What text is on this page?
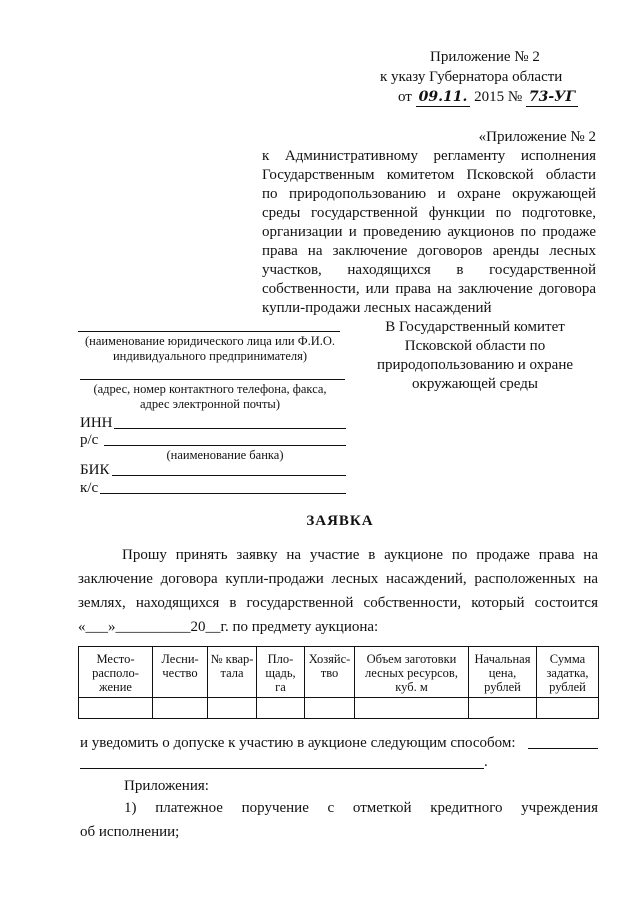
Приложение № 2
к указу Губернатора области
от 09.11. 2015 № 73-УГ
«Приложение № 2
к Административному регламенту исполнения
Государственным комитетом Псковской области
по природопользованию и охране окружающей
среды государственной функции по подготовке,
организации и проведению аукционов по продаже
права на заключение договоров аренды лесных
участков, находящихся в государственной
собственности, или права на заключение договора
купли-продажи лесных насаждений
(наименование юридического лица или Ф.И.О.
индивидуального предпринимателя)
(адрес, номер контактного телефона, факса,
адрес электронной почты)
ИНН
р/с
(наименование банка)
БИК
к/с
В Государственный комитет
Псковской области по
природопользованию и охране
окружающей среды
ЗАЯВКА
Прошу принять заявку на участие в аукционе по продаже права на
заключение договора купли-продажи лесных насаждений, расположенных на
землях, находящихся в государственной собственности, который состоится
«___»__________20__г. по предмету аукциона:
Место-располо-жение	Лесни-чество	№ квар-тала	Пло-щадь, га	Хозяйс-тво	Объем заготовки лесных ресурсов, куб. м	Начальная цена, рублей	Сумма задатка, рублей

и уведомить о допуске к участию в аукционе следующим способом:
.
Приложения:
1) платежное поручение с отметкой кредитного учреждения
об исполнении;
